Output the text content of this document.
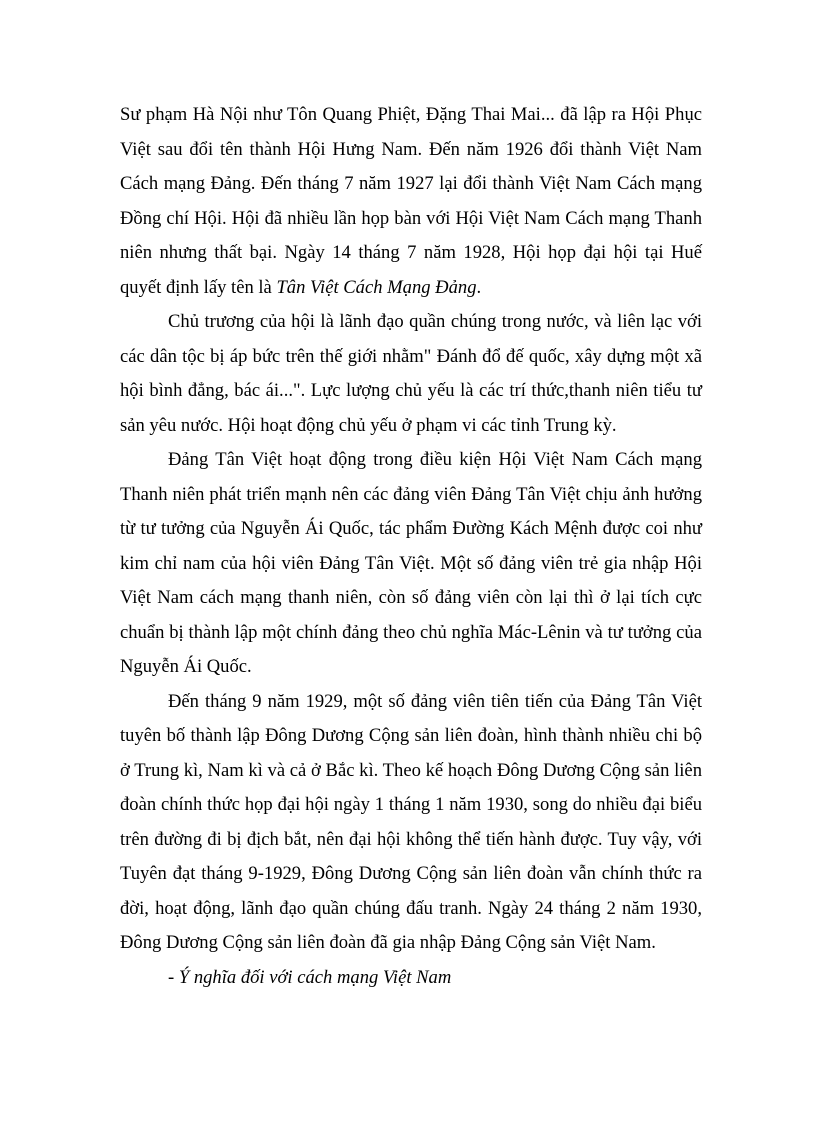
Sư phạm Hà Nội như Tôn Quang Phiệt, Đặng Thai Mai... đã lập ra Hội Phục Việt sau đổi tên thành Hội Hưng Nam. Đến năm 1926 đổi thành Việt Nam Cách mạng Đảng. Đến tháng 7 năm 1927 lại đổi thành Việt Nam Cách mạng Đồng chí Hội. Hội đã nhiều lần họp bàn với Hội Việt Nam Cách mạng Thanh niên nhưng thất bại. Ngày 14 tháng 7 năm 1928, Hội họp đại hội tại Huế quyết định lấy tên là Tân Việt Cách Mạng Đảng.

Chủ trương của hội là lãnh đạo quần chúng trong nước, và liên lạc với các dân tộc bị áp bức trên thế giới nhằm" Đánh đổ đế quốc, xây dựng một xã hội bình đẳng, bác ái...". Lực lượng chủ yếu là các trí thức,thanh niên tiểu tư sản yêu nước. Hội hoạt động chủ yếu ở phạm vi các tỉnh Trung kỳ.

Đảng Tân Việt hoạt động trong điều kiện Hội Việt Nam Cách mạng Thanh niên phát triển mạnh nên các đảng viên Đảng Tân Việt chịu ảnh hưởng từ tư tưởng của Nguyễn Ái Quốc, tác phẩm Đường Kách Mệnh được coi như kim chỉ nam của hội viên Đảng Tân Việt. Một số đảng viên trẻ gia nhập Hội Việt Nam cách mạng thanh niên, còn số đảng viên còn lại thì ở lại tích cực chuẩn bị thành lập một chính đảng theo chủ nghĩa Mác-Lênin và tư tưởng của Nguyễn Ái Quốc.

Đến tháng 9 năm 1929, một số đảng viên tiên tiến của Đảng Tân Việt tuyên bố thành lập Đông Dương Cộng sản liên đoàn, hình thành nhiều chi bộ ở Trung kì, Nam kì và cả ở Bắc kì. Theo kế hoạch Đông Dương Cộng sản liên đoàn chính thức họp đại hội ngày 1 tháng 1 năm 1930, song do nhiều đại biểu trên đường đi bị địch bắt, nên đại hội không thể tiến hành được. Tuy vậy, với Tuyên đạt tháng 9-1929, Đông Dương Cộng sản liên đoàn vẫn chính thức ra đời, hoạt động, lãnh đạo quần chúng đấu tranh. Ngày 24 tháng 2 năm 1930, Đông Dương Cộng sản liên đoàn đã gia nhập Đảng Cộng sản Việt Nam.

- Ý nghĩa đối với cách mạng Việt Nam
